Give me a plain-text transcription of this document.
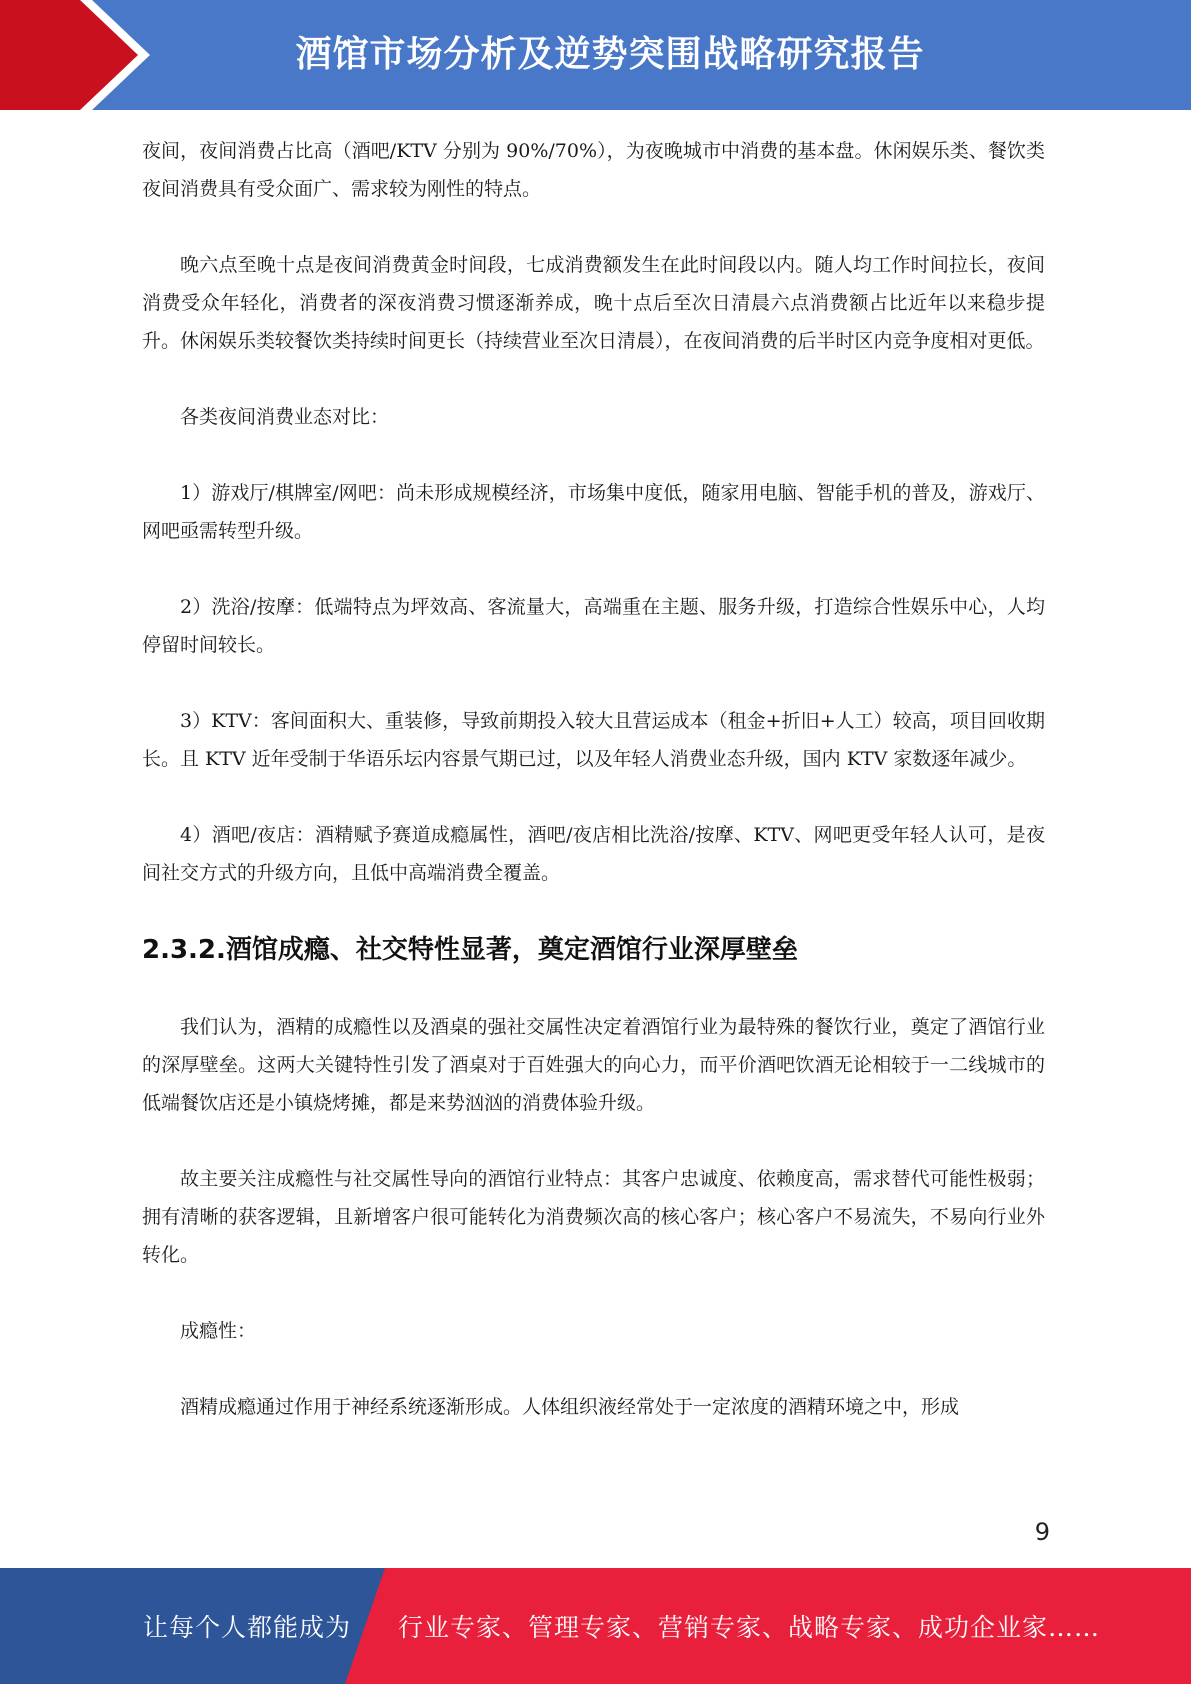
酒馆市场分析及逆势突围战略研究报告

夜间，夜间消费占比高（酒吧/KTV 分别为 90%/70%），为夜晚城市中消费的基本盘。休闲娱乐类、餐饮类夜间消费具有受众面广、需求较为刚性的特点。

晚六点至晚十点是夜间消费黄金时间段，七成消费额发生在此时间段以内。随人均工作时间拉长，夜间消费受众年轻化，消费者的深夜消费习惯逐渐养成，晚十点后至次日清晨六点消费额占比近年以来稳步提升。休闲娱乐类较餐饮类持续时间更长（持续营业至次日清晨），在夜间消费的后半时区内竞争度相对更低。

各类夜间消费业态对比：

1）游戏厅/棋牌室/网吧：尚未形成规模经济，市场集中度低，随家用电脑、智能手机的普及，游戏厅、网吧亟需转型升级。

2）洗浴/按摩：低端特点为坪效高、客流量大，高端重在主题、服务升级，打造综合性娱乐中心，人均停留时间较长。

3）KTV：客间面积大、重装修，导致前期投入较大且营运成本（租金+折旧+人工）较高，项目回收期长。且 KTV 近年受制于华语乐坛内容景气期已过，以及年轻人消费业态升级，国内 KTV 家数逐年减少。

4）酒吧/夜店：酒精赋予赛道成瘾属性，酒吧/夜店相比洗浴/按摩、KTV、网吧更受年轻人认可，是夜间社交方式的升级方向，且低中高端消费全覆盖。

2.3.2.酒馆成瘾、社交特性显著，奠定酒馆行业深厚壁垒

我们认为，酒精的成瘾性以及酒桌的强社交属性决定着酒馆行业为最特殊的餐饮行业，奠定了酒馆行业的深厚壁垒。这两大关键特性引发了酒桌对于百姓强大的向心力，而平价酒吧饮酒无论相较于一二线城市的低端餐饮店还是小镇烧烤摊，都是来势汹汹的消费体验升级。

故主要关注成瘾性与社交属性导向的酒馆行业特点：其客户忠诚度、依赖度高，需求替代可能性极弱；拥有清晰的获客逻辑，且新增客户很可能转化为消费频次高的核心客户；核心客户不易流失，不易向行业外转化。

成瘾性：

酒精成瘾通过作用于神经系统逐渐形成。人体组织液经常处于一定浓度的酒精环境之中，形成

9
让每个人都能成为 行业专家、管理专家、营销专家、战略专家、成功企业家……
